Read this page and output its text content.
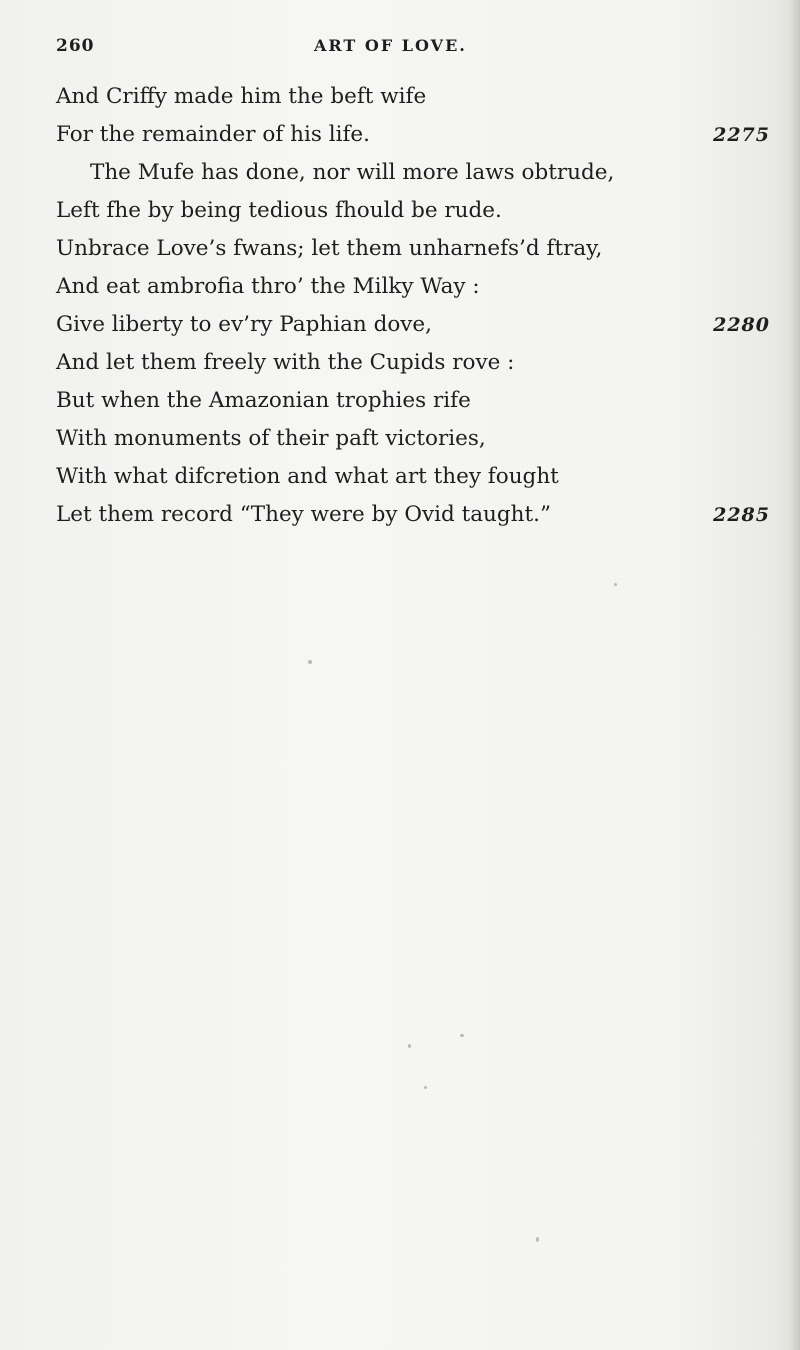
260	ART OF LOVE.
And Criffy made him the beft wife
For the remainder of his life.	2275
The Mufe has done, nor will more laws obtrude,
Left fhe by being tedious fhould be rude.
Unbrace Love’s fwans; let them unharnefs’d ftray,
And eat ambrofia thro’ the Milky Way :
Give liberty to ev’ry Paphian dove,	2280
And let them freely with the Cupids rove :
But when the Amazonian trophies rife
With monuments of their paft victories,
With what difcretion and what art they fought
Let them record “They were by Ovid taught.”	2285
